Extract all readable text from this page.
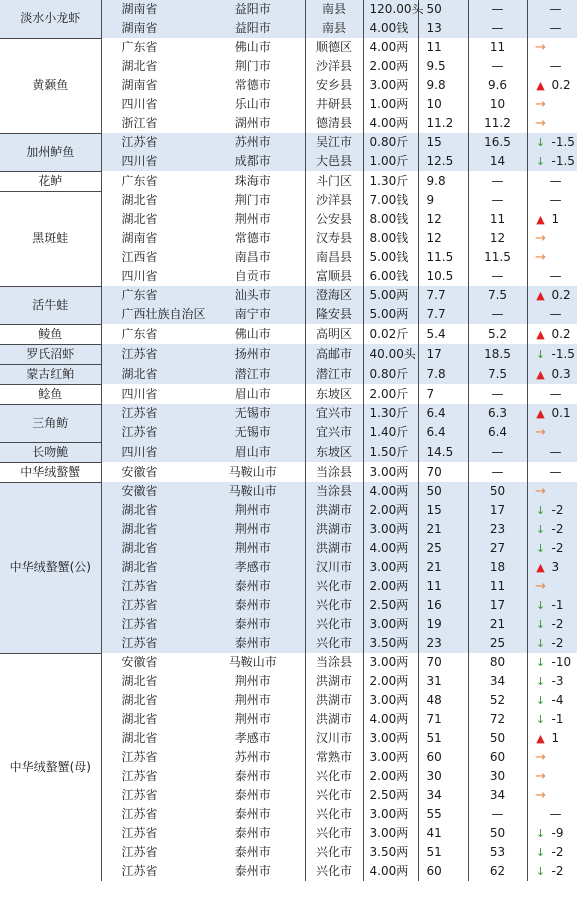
淡水小龙虾	湖南省	益阳市	南县	120.00头	50	—	—
	湖南省	益阳市	南县	4.00钱	13	—	—
黄颡鱼	广东省	佛山市	顺德区	4.00两	11	11	→
	湖北省	荆门市	沙洋县	2.00两	9.5	—	—
	湖南省	常德市	安乡县	3.00两	9.8	9.6	▲ 0.2
	四川省	乐山市	井研县	1.00两	10	10	→
	浙江省	湖州市	德清县	4.00两	11.2	11.2	→
加州鲈鱼	江苏省	苏州市	吴江市	0.80斤	15	16.5	↓ -1.5
	四川省	成都市	大邑县	1.00斤	12.5	14	↓ -1.5
花鲈	广东省	珠海市	斗门区	1.30斤	9.8	—	—
黑斑蛙	湖北省	荆门市	沙洋县	7.00钱	9	—	—
	湖北省	荆州市	公安县	8.00钱	12	11	▲ 1
	湖南省	常德市	汉寿县	8.00钱	12	12	→
	江西省	南昌市	南昌县	5.00钱	11.5	11.5	→
	四川省	自贡市	富顺县	6.00钱	10.5	—	—
活牛蛙	广东省	汕头市	澄海区	5.00两	7.7	7.5	▲ 0.2
	广西壮族自治区	南宁市	隆安县	5.00两	7.7	—	—
鲮鱼	广东省	佛山市	高明区	0.02斤	5.4	5.2	▲ 0.2
罗氏沼虾	江苏省	扬州市	高邮市	40.00头	17	18.5	↓ -1.5
蒙古红鲌	湖北省	潜江市	潜江市	0.80斤	7.8	7.5	▲ 0.3
鲶鱼	四川省	眉山市	东坡区	2.00斤	7	—	—
三角鲂	江苏省	无锡市	宜兴市	1.30斤	6.4	6.3	▲ 0.1
	江苏省	无锡市	宜兴市	1.40斤	6.4	6.4	→
长吻鮠	四川省	眉山市	东坡区	1.50斤	14.5	—	—
中华绒螯蟹	安徽省	马鞍山市	当涂县	3.00两	70	—	—
中华绒螯蟹(公)	安徽省	马鞍山市	当涂县	4.00两	50	50	→
	湖北省	荆州市	洪湖市	2.00两	15	17	↓ -2
	湖北省	荆州市	洪湖市	3.00两	21	23	↓ -2
	湖北省	荆州市	洪湖市	4.00两	25	27	↓ -2
	湖北省	孝感市	汉川市	3.00两	21	18	▲ 3
	江苏省	泰州市	兴化市	2.00两	11	11	→
	江苏省	泰州市	兴化市	2.50两	16	17	↓ -1
	江苏省	泰州市	兴化市	3.00两	19	21	↓ -2
	江苏省	泰州市	兴化市	3.50两	23	25	↓ -2
中华绒螯蟹(母)	安徽省	马鞍山市	当涂县	3.00两	70	80	↓ -10
	湖北省	荆州市	洪湖市	2.00两	31	34	↓ -3
	湖北省	荆州市	洪湖市	3.00两	48	52	↓ -4
	湖北省	荆州市	洪湖市	4.00两	71	72	↓ -1
	湖北省	孝感市	汉川市	3.00两	51	50	▲ 1
	江苏省	苏州市	常熟市	3.00两	60	60	→
	江苏省	泰州市	兴化市	2.00两	30	30	→
	江苏省	泰州市	兴化市	2.50两	34	34	→
	江苏省	泰州市	兴化市	3.00两	55	—	—
	江苏省	泰州市	兴化市	3.00两	41	50	↓ -9
	江苏省	泰州市	兴化市	3.50两	51	53	↓ -2
	江苏省	泰州市	兴化市	4.00两	60	62	↓ -2
